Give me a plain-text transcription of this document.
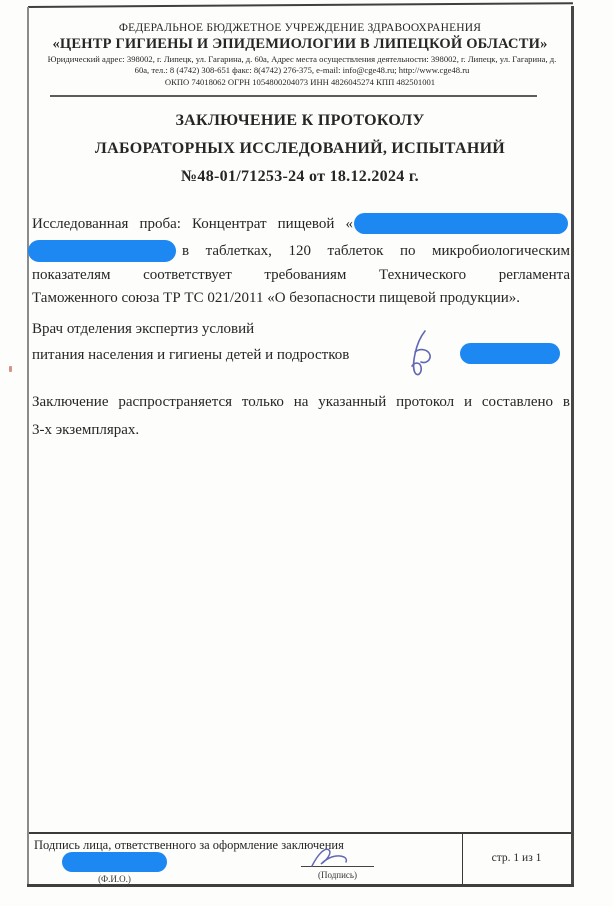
ФЕДЕРАЛЬНОЕ БЮДЖЕТНОЕ УЧРЕЖДЕНИЕ ЗДРАВООХРАНЕНИЯ
«ЦЕНТР ГИГИЕНЫ И ЭПИДЕМИОЛОГИИ В ЛИПЕЦКОЙ ОБЛАСТИ»
Юридический адрес: 398002, г. Липецк, ул. Гагарина, д. 60а, Адрес места осуществления деятельности: 398002, г. Липецк, ул. Гагарина, д. 60а, тел.: 8 (4742) 308-651 факс: 8(4742) 276-375, e-mail: info@cge48.ru; http://www.cge48.ru
ОКПО 74018062 ОГРН 1054800204073 ИНН 4826045274 КПП 482501001
ЗАКЛЮЧЕНИЕ К ПРОТОКОЛУ
ЛАБОРАТОРНЫХ ИССЛЕДОВАНИЙ, ИСПЫТАНИЙ
№48-01/71253-24 от 18.12.2024 г.
Исследованная проба: Концентрат пищевой «
в таблетках, 120 таблеток по микробиологическим
показателям соответствует требованиям Технического регламента
Таможенного союза ТР ТС 021/2011 «О безопасности пищевой продукции».
Врач отделения экспертиз условий
питания населения и гигиены детей и подростков
Заключение распространяется только на указанный протокол и составлено в
3-х экземплярах.
Подпись лица, ответственного за оформление заключения
(Ф.И.О.)	(Подпись)
стр. 1 из 1
